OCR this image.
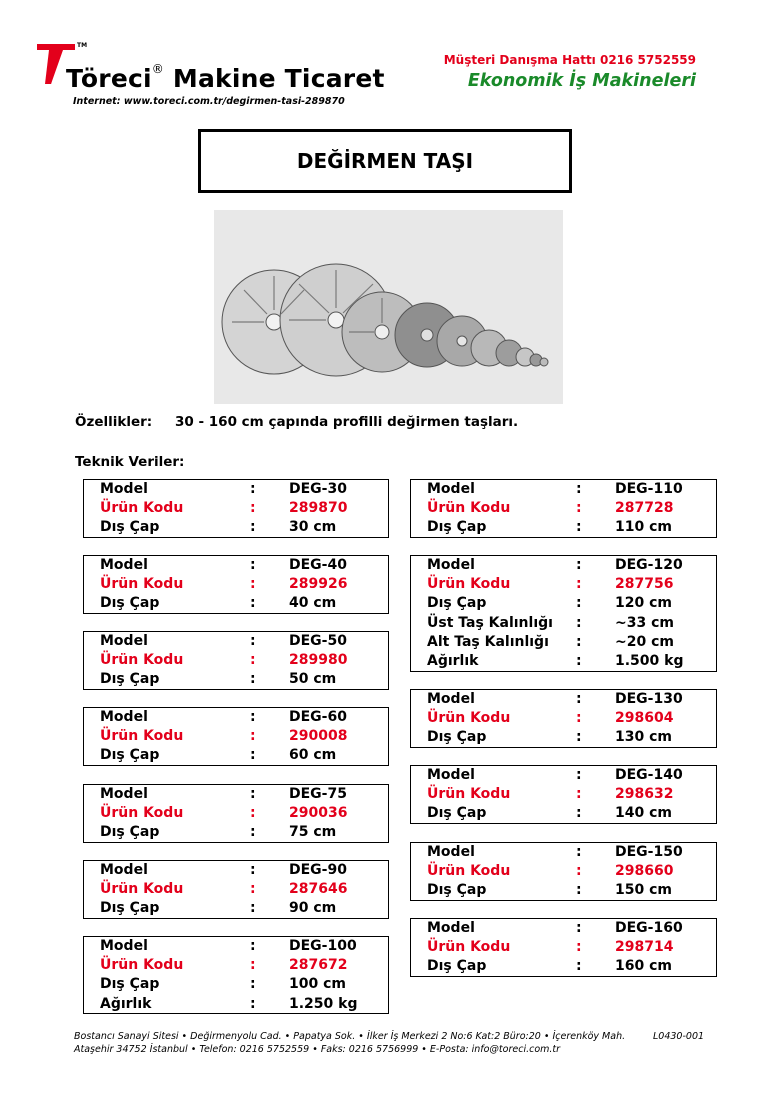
TM
Töreci® Makine Ticaret
Internet: www.toreci.com.tr/degirmen-tasi-289870
Müşteri Danışma Hattı 0216 5752559
Ekonomik İş Makineleri
DEĞİRMEN TAŞI
Özellikler: 30 - 160 cm çapında profilli değirmen taşları.
Teknik Veriler:
Model	: DEG-30
Ürün Kodu	: 289870
Dış Çap	: 30 cm
Model	: DEG-40
Ürün Kodu	: 289926
Dış Çap	: 40 cm
Model	: DEG-50
Ürün Kodu	: 289980
Dış Çap	: 50 cm
Model	: DEG-60
Ürün Kodu	: 290008
Dış Çap	: 60 cm
Model	: DEG-75
Ürün Kodu	: 290036
Dış Çap	: 75 cm
Model	: DEG-90
Ürün Kodu	: 287646
Dış Çap	: 90 cm
Model	: DEG-100
Ürün Kodu	: 287672
Dış Çap	: 100 cm
Ağırlık	: 1.250 kg
Model	: DEG-110
Ürün Kodu	: 287728
Dış Çap	: 110 cm
Model	: DEG-120
Ürün Kodu	: 287756
Dış Çap	: 120 cm
Üst Taş Kalınlığı : ~33 cm
Alt Taş Kalınlığı : ~20 cm
Ağırlık	: 1.500 kg
Model	: DEG-130
Ürün Kodu	: 298604
Dış Çap	: 130 cm
Model	: DEG-140
Ürün Kodu	: 298632
Dış Çap	: 140 cm
Model	: DEG-150
Ürün Kodu	: 298660
Dış Çap	: 150 cm
Model	: DEG-160
Ürün Kodu	: 298714
Dış Çap	: 160 cm
Bostancı Sanayi Sitesi • Değirmenyolu Cad. • Papatya Sok. • İlker İş Merkezi 2 No:6 Kat:2 Büro:20 • İçerenköy Mah.
Ataşehir 34752 İstanbul • Telefon: 0216 5752559 • Faks: 0216 5756999 • E-Posta: info@toreci.com.tr
L0430-001
